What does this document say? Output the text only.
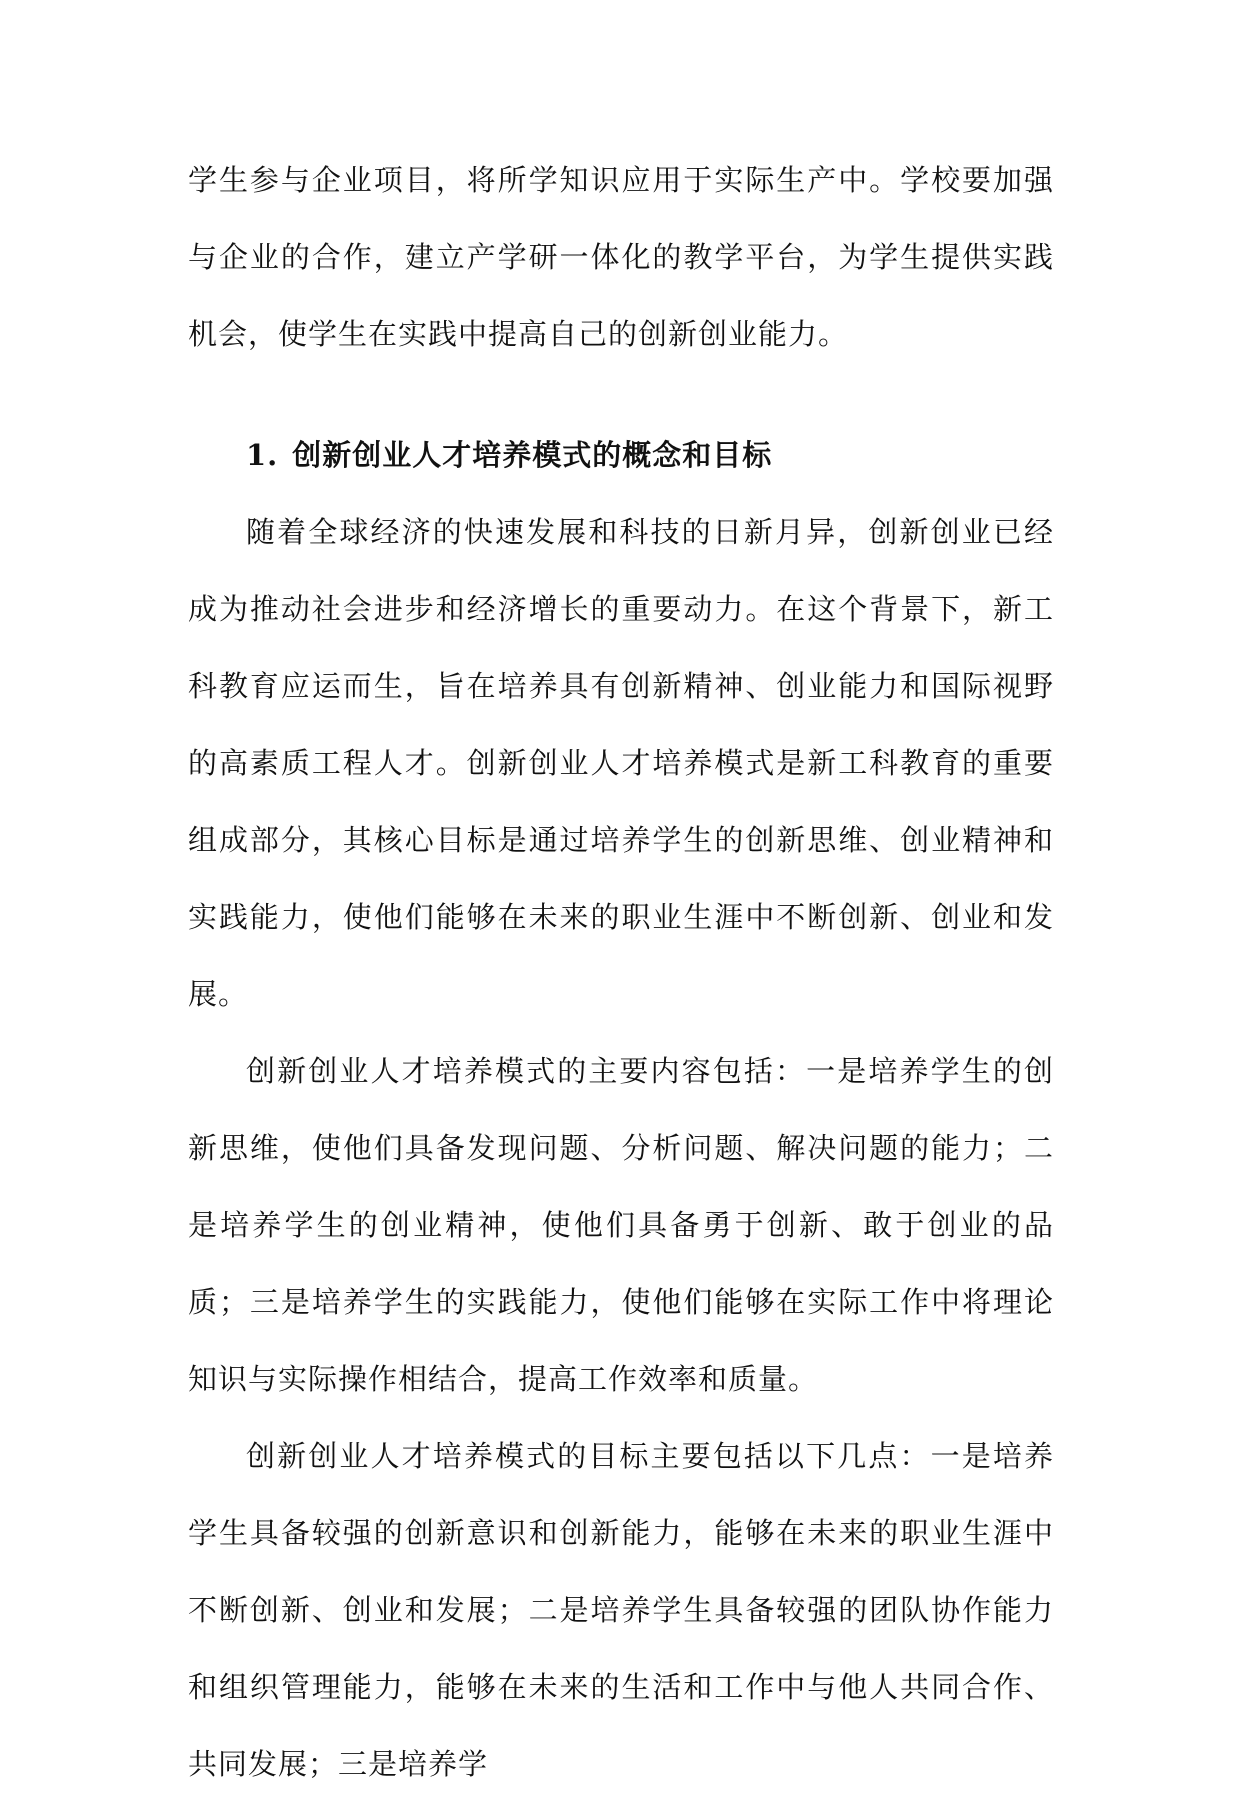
学生参与企业项目，将所学知识应用于实际生产中。学校要加强与企业的合作，建立产学研一体化的教学平台，为学生提供实践机会，使学生在实践中提高自己的创新创业能力。

1. 创新创业人才培养模式的概念和目标

随着全球经济的快速发展和科技的日新月异，创新创业已经成为推动社会进步和经济增长的重要动力。在这个背景下，新工科教育应运而生，旨在培养具有创新精神、创业能力和国际视野的高素质工程人才。创新创业人才培养模式是新工科教育的重要组成部分，其核心目标是通过培养学生的创新思维、创业精神和实践能力，使他们能够在未来的职业生涯中不断创新、创业和发展。

创新创业人才培养模式的主要内容包括：一是培养学生的创新思维，使他们具备发现问题、分析问题、解决问题的能力；二是培养学生的创业精神，使他们具备勇于创新、敢于创业的品质；三是培养学生的实践能力，使他们能够在实际工作中将理论知识与实际操作相结合，提高工作效率和质量。

创新创业人才培养模式的目标主要包括以下几点：一是培养学生具备较强的创新意识和创新能力，能够在未来的职业生涯中不断创新、创业和发展；二是培养学生具备较强的团队协作能力和组织管理能力，能够在未来的生活和工作中与他人共同合作、共同发展；三是培养学
